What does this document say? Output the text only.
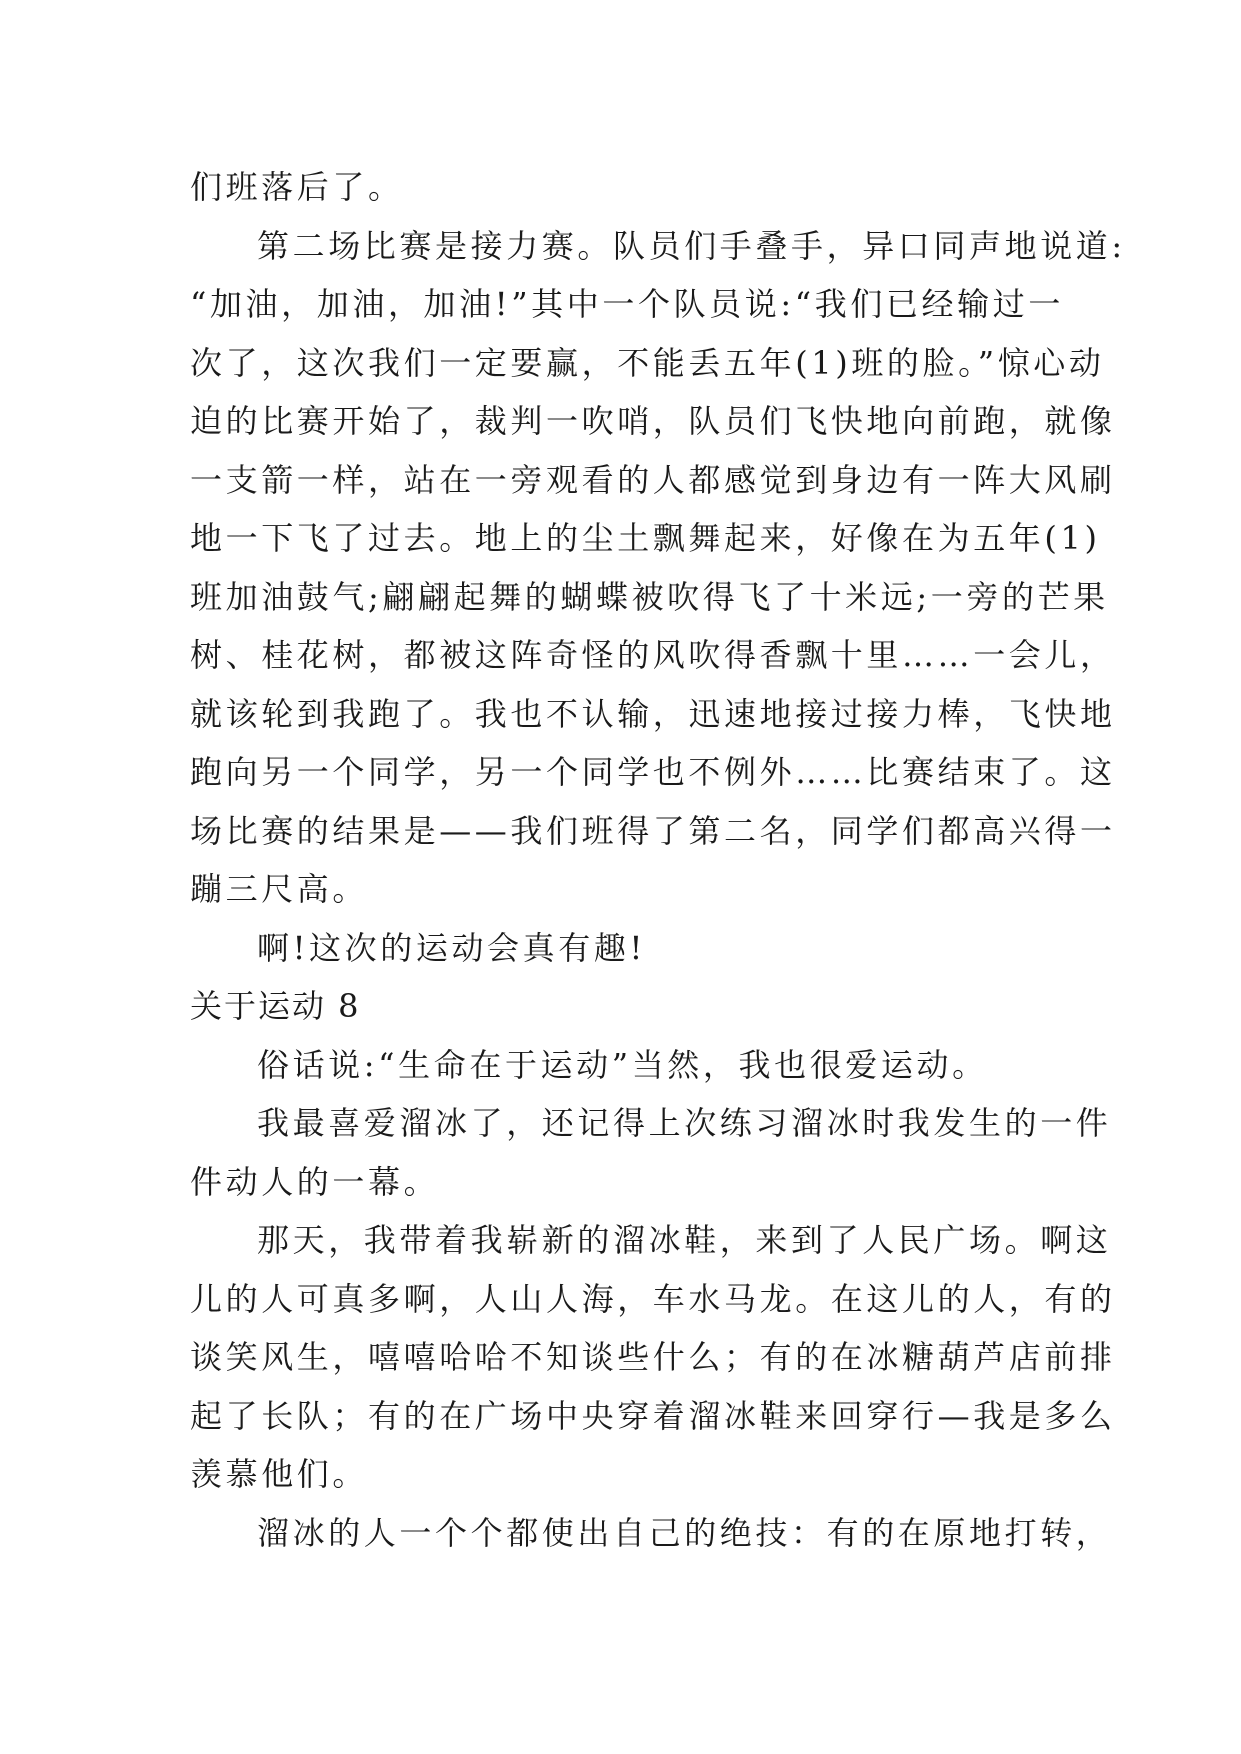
们班落后了。
第二场比赛是接力赛。队员们手叠手，异口同声地说道:
“加油，加油，加油!”其中一个队员说:“我们已经输过一
次了，这次我们一定要赢，不能丢五年(1)班的脸。”惊心动
迫的比赛开始了，裁判一吹哨，队员们飞快地向前跑，就像
一支箭一样，站在一旁观看的人都感觉到身边有一阵大风刷
地一下飞了过去。地上的尘土飘舞起来，好像在为五年(1)
班加油鼓气;翩翩起舞的蝴蝶被吹得飞了十米远;一旁的芒果
树、桂花树，都被这阵奇怪的风吹得香飘十里……一会儿，
就该轮到我跑了。我也不认输，迅速地接过接力棒，飞快地
跑向另一个同学，另一个同学也不例外……比赛结束了。这
场比赛的结果是——我们班得了第二名，同学们都高兴得一
蹦三尺高。
啊!这次的运动会真有趣!
关于运动 8
俗话说:“生命在于运动”当然，我也很爱运动。
我最喜爱溜冰了，还记得上次练习溜冰时我发生的一件
件动人的一幕。
那天，我带着我崭新的溜冰鞋，来到了人民广场。啊这
儿的人可真多啊，人山人海，车水马龙。在这儿的人，有的
谈笑风生，嘻嘻哈哈不知谈些什么；有的在冰糖葫芦店前排
起了长队；有的在广场中央穿着溜冰鞋来回穿行—我是多么
羡慕他们。
溜冰的人一个个都使出自己的绝技：有的在原地打转，
